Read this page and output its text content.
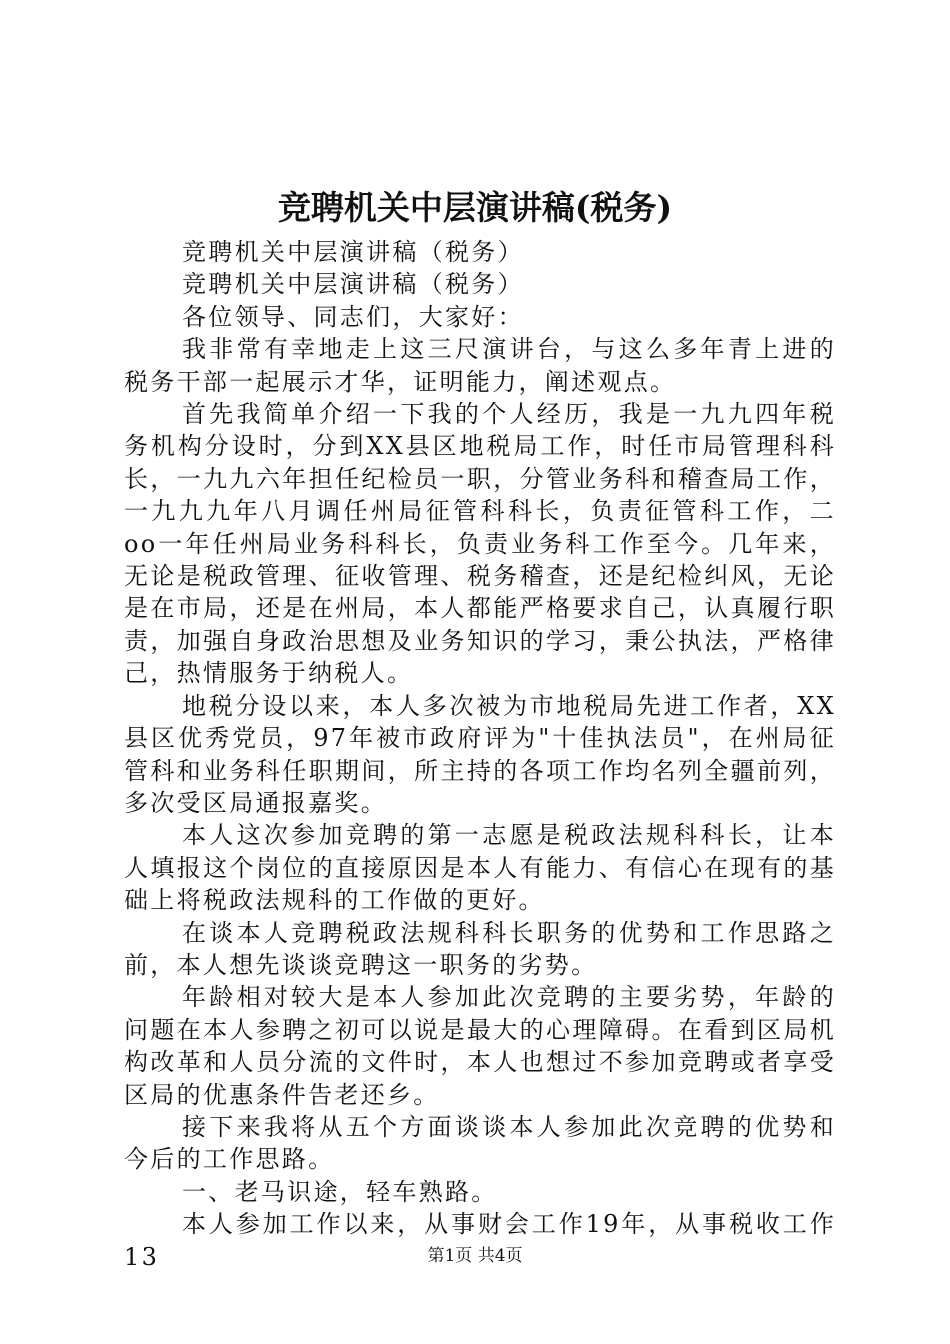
竞聘机关中层演讲稿(税务)

竞聘机关中层演讲稿（税务）

竞聘机关中层演讲稿（税务）

各位领导、同志们，大家好：

我非常有幸地走上这三尺演讲台，与这么多年青上进的税务干部一起展示才华，证明能力，阐述观点。

首先我简单介绍一下我的个人经历，我是一九九四年税务机构分设时，分到XX县区地税局工作，时任市局管理科科长，一九九六年担任纪检员一职，分管业务科和稽查局工作，一九九九年八月调任州局征管科科长，负责征管科工作，二oo一年任州局业务科科长，负责业务科工作至今。几年来，无论是税政管理、征收管理、税务稽查，还是纪检纠风，无论是在市局，还是在州局，本人都能严格要求自己，认真履行职责，加强自身政治思想及业务知识的学习，秉公执法，严格律己，热情服务于纳税人。

地税分设以来，本人多次被为市地税局先进工作者，XX县区优秀党员，97年被市政府评为"十佳执法员"，在州局征管科和业务科任职期间，所主持的各项工作均名列全疆前列，多次受区局通报嘉奖。

本人这次参加竞聘的第一志愿是税政法规科科长，让本人填报这个岗位的直接原因是本人有能力、有信心在现有的基础上将税政法规科的工作做的更好。

在谈本人竞聘税政法规科科长职务的优势和工作思路之前，本人想先谈谈竞聘这一职务的劣势。

年龄相对较大是本人参加此次竞聘的主要劣势，年龄的问题在本人参聘之初可以说是最大的心理障碍。在看到区局机构改革和人员分流的文件时，本人也想过不参加竞聘或者享受区局的优惠条件告老还乡。

接下来我将从五个方面谈谈本人参加此次竞聘的优势和今后的工作思路。

一、老马识途，轻车熟路。

本人参加工作以来，从事财会工作19年，从事税收工作13	第1页 共4页
